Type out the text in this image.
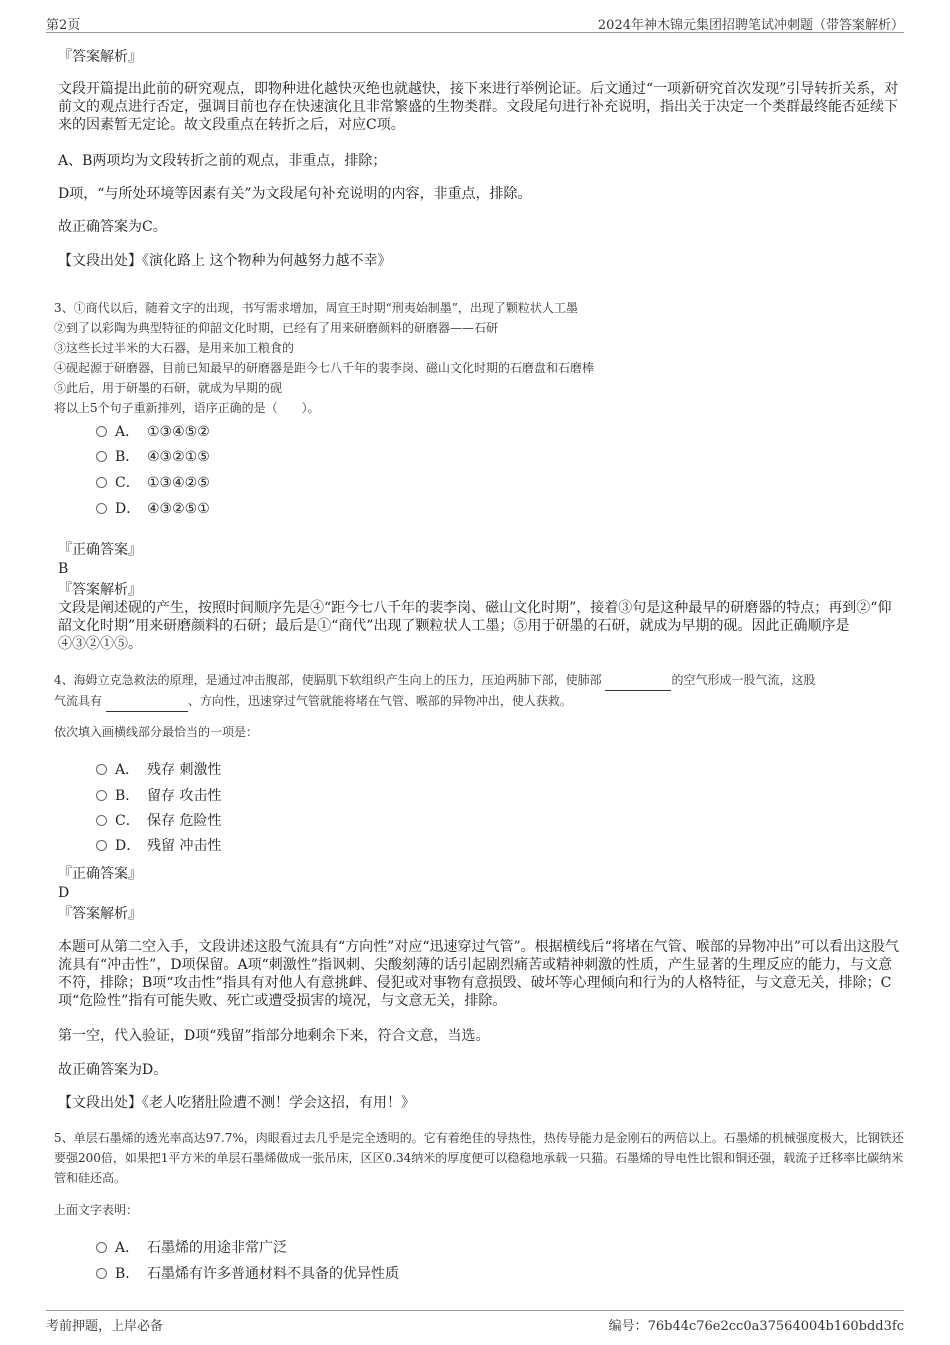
第2页	2024年神木锦元集团招聘笔试冲刺题（带答案解析）

『答案解析』

文段开篇提出此前的研究观点，即物种进化越快灭绝也就越快，接下来进行举例论证。后文通过“一项新研究首次发现”引导转折关系，对前文的观点进行否定，强调目前也存在快速演化且非常繁盛的生物类群。文段尾句进行补充说明，指出关于决定一个类群最终能否延续下来的因素暂无定论。故文段重点在转折之后，对应C项。

A、B两项均为文段转折之前的观点，非重点，排除；

D项，“与所处环境等因素有关”为文段尾句补充说明的内容，非重点，排除。

故正确答案为C。

【文段出处】《演化路上 这个物种为何越努力越不幸》

3、①商代以后，随着文字的出现，书写需求增加，周宣王时期“刑夷始制墨”，出现了颗粒状人工墨
②到了以彩陶为典型特征的仰韶文化时期，已经有了用来研磨颜料的研磨器——石研
③这些长过半米的大石器，是用来加工粮食的
④砚起源于研磨器，目前已知最早的研磨器是距今七八千年的裴李岗、磁山文化时期的石磨盘和石磨棒
⑤此后，用于研墨的石研，就成为早期的砚
将以上5个句子重新排列，语序正确的是（　　）。

A． ①③④⑤②
B． ④③②①⑤
C． ①③④②⑤
D． ④③②⑤①

『正确答案』

B

『答案解析』

文段是阐述砚的产生，按照时间顺序先是④“距今七八千年的裴李岗、磁山文化时期”，接着③句是这种最早的研磨器的特点；再到②“仰韶文化时期”用来研磨颜料的石研；最后是①“商代”出现了颗粒状人工墨；⑤用于研墨的石研，就成为早期的砚。因此正确顺序是④③②①⑤。

4、海姆立克急救法的原理，是通过冲击腹部，使膈肌下软组织产生向上的压力，压迫两肺下部，使肺部	的空气形成一股气流，这股
气流具有	、方向性，迅速穿过气管就能将堵在气管、喉部的异物冲出，使人获救。

依次填入画横线部分最恰当的一项是：

A． 残存 刺激性
B． 留存 攻击性
C． 保存 危险性
D． 残留 冲击性

『正确答案』

D

『答案解析』

本题可从第二空入手，文段讲述这股气流具有“方向性”对应“迅速穿过气管”。根据横线后“将堵在气管、喉部的异物冲出”可以看出这股气流具有“冲击性”，D项保留。A项“刺激性”指讽刺、尖酸刻薄的话引起剧烈痛苦或精神刺激的性质，产生显著的生理反应的能力，与文意不符，排除；B项“攻击性”指具有对他人有意挑衅、侵犯或对事物有意损毁、破坏等心理倾向和行为的人格特征，与文意无关，排除；C项“危险性”指有可能失败、死亡或遭受损害的境况，与文意无关，排除。

第一空，代入验证，D项“残留”指部分地剩余下来，符合文意，当选。

故正确答案为D。

【文段出处】《老人吃猪肚险遭不测！学会这招，有用！》

5、单层石墨烯的透光率高达97.7%，肉眼看过去几乎是完全透明的。它有着绝佳的导热性，热传导能力是金刚石的两倍以上。石墨烯的机械强度极大，比钢铁还要强200倍，如果把1平方米的单层石墨烯做成一张吊床，区区0.34纳米的厚度便可以稳稳地承载一只猫。石墨烯的导电性比银和铜还强，载流子迁移率比碳纳米管和硅还高。

上面文字表明：

A． 石墨烯的用途非常广泛
B． 石墨烯有许多普通材料不具备的优异性质
考前押题，上岸必备	编号：76b44c76e2cc0a37564004b160bdd3fc
